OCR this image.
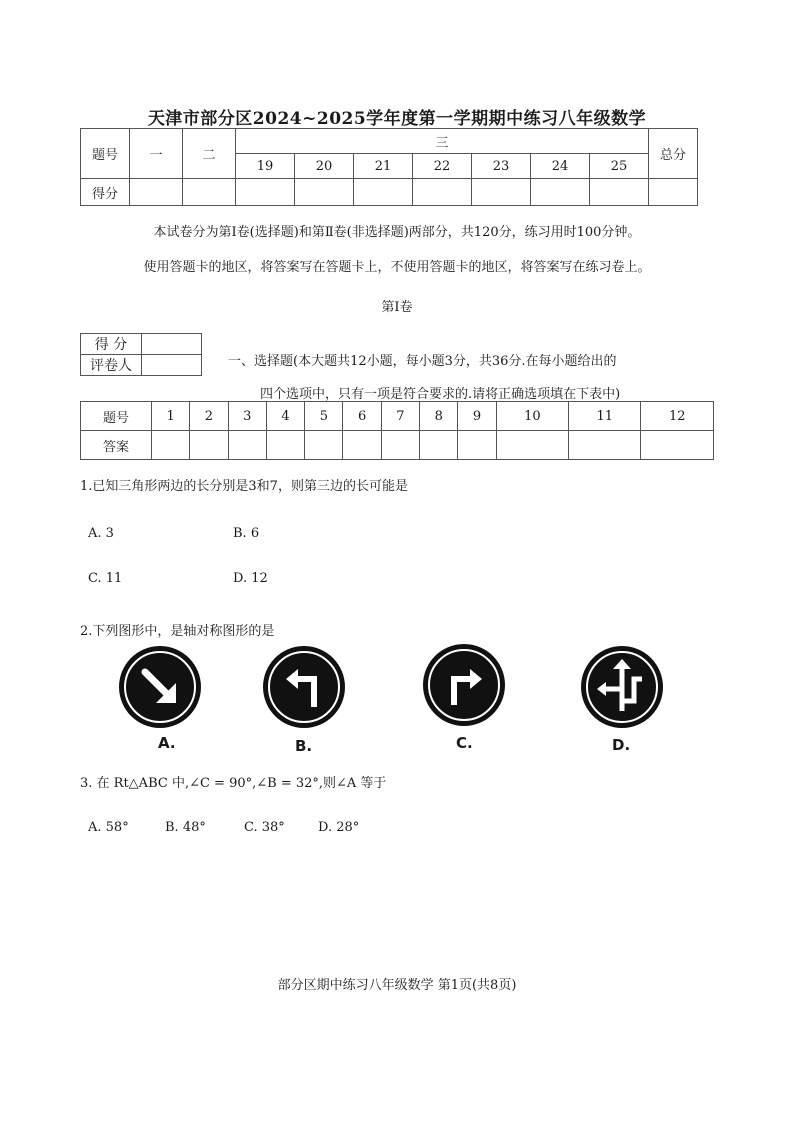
天津市部分区2024~2025学年度第一学期期中练习八年级数学
题号	一	二	三							总分
			19	20	21	22	23	24	25	
得分										
本试卷分为第Ⅰ卷(选择题)和第Ⅱ卷(非选择题)两部分，共120分，练习用时100分钟。
使用答题卡的地区，将答案写在答题卡上，不使用答题卡的地区，将答案写在练习卷上。
第Ⅰ卷
得 分	
评卷人		一、选择题(本大题共12小题，每小题3分，共36分.在每小题给出的
四个选项中，只有一项是符合要求的.请将正确选项填在下表中)
题号	1	2	3	4	5	6	7	8	9	10	11	12
答案												
1.已知三角形两边的长分别是3和7，则第三边的长可能是
A. 3	B. 6
C. 11	D. 12
2.下列图形中，是轴对称图形的是
A.	B.	C.	D.
3. 在 Rt△ABC 中,∠C = 90°,∠B = 32°,则∠A 等于
A. 58°	B. 48°	C. 38°	D. 28°
部分区期中练习八年级数学 第1页(共8页)
